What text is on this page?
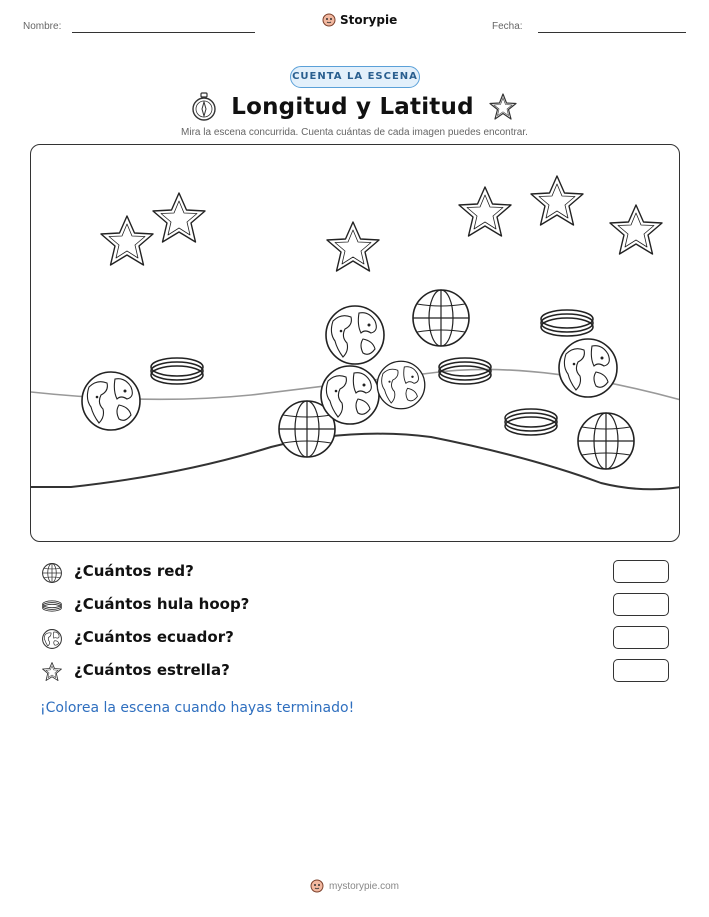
Nombre:	Storypie	Fecha:
CUENTA LA ESCENA
Longitud y Latitud
Mira la escena concurrida. Cuenta cuántas de cada imagen puedes encontrar.
¿Cuántos red?
¿Cuántos hula hoop?
¿Cuántos ecuador?
¿Cuántos estrella?
¡Colorea la escena cuando hayas terminado!
mystorypie.com
